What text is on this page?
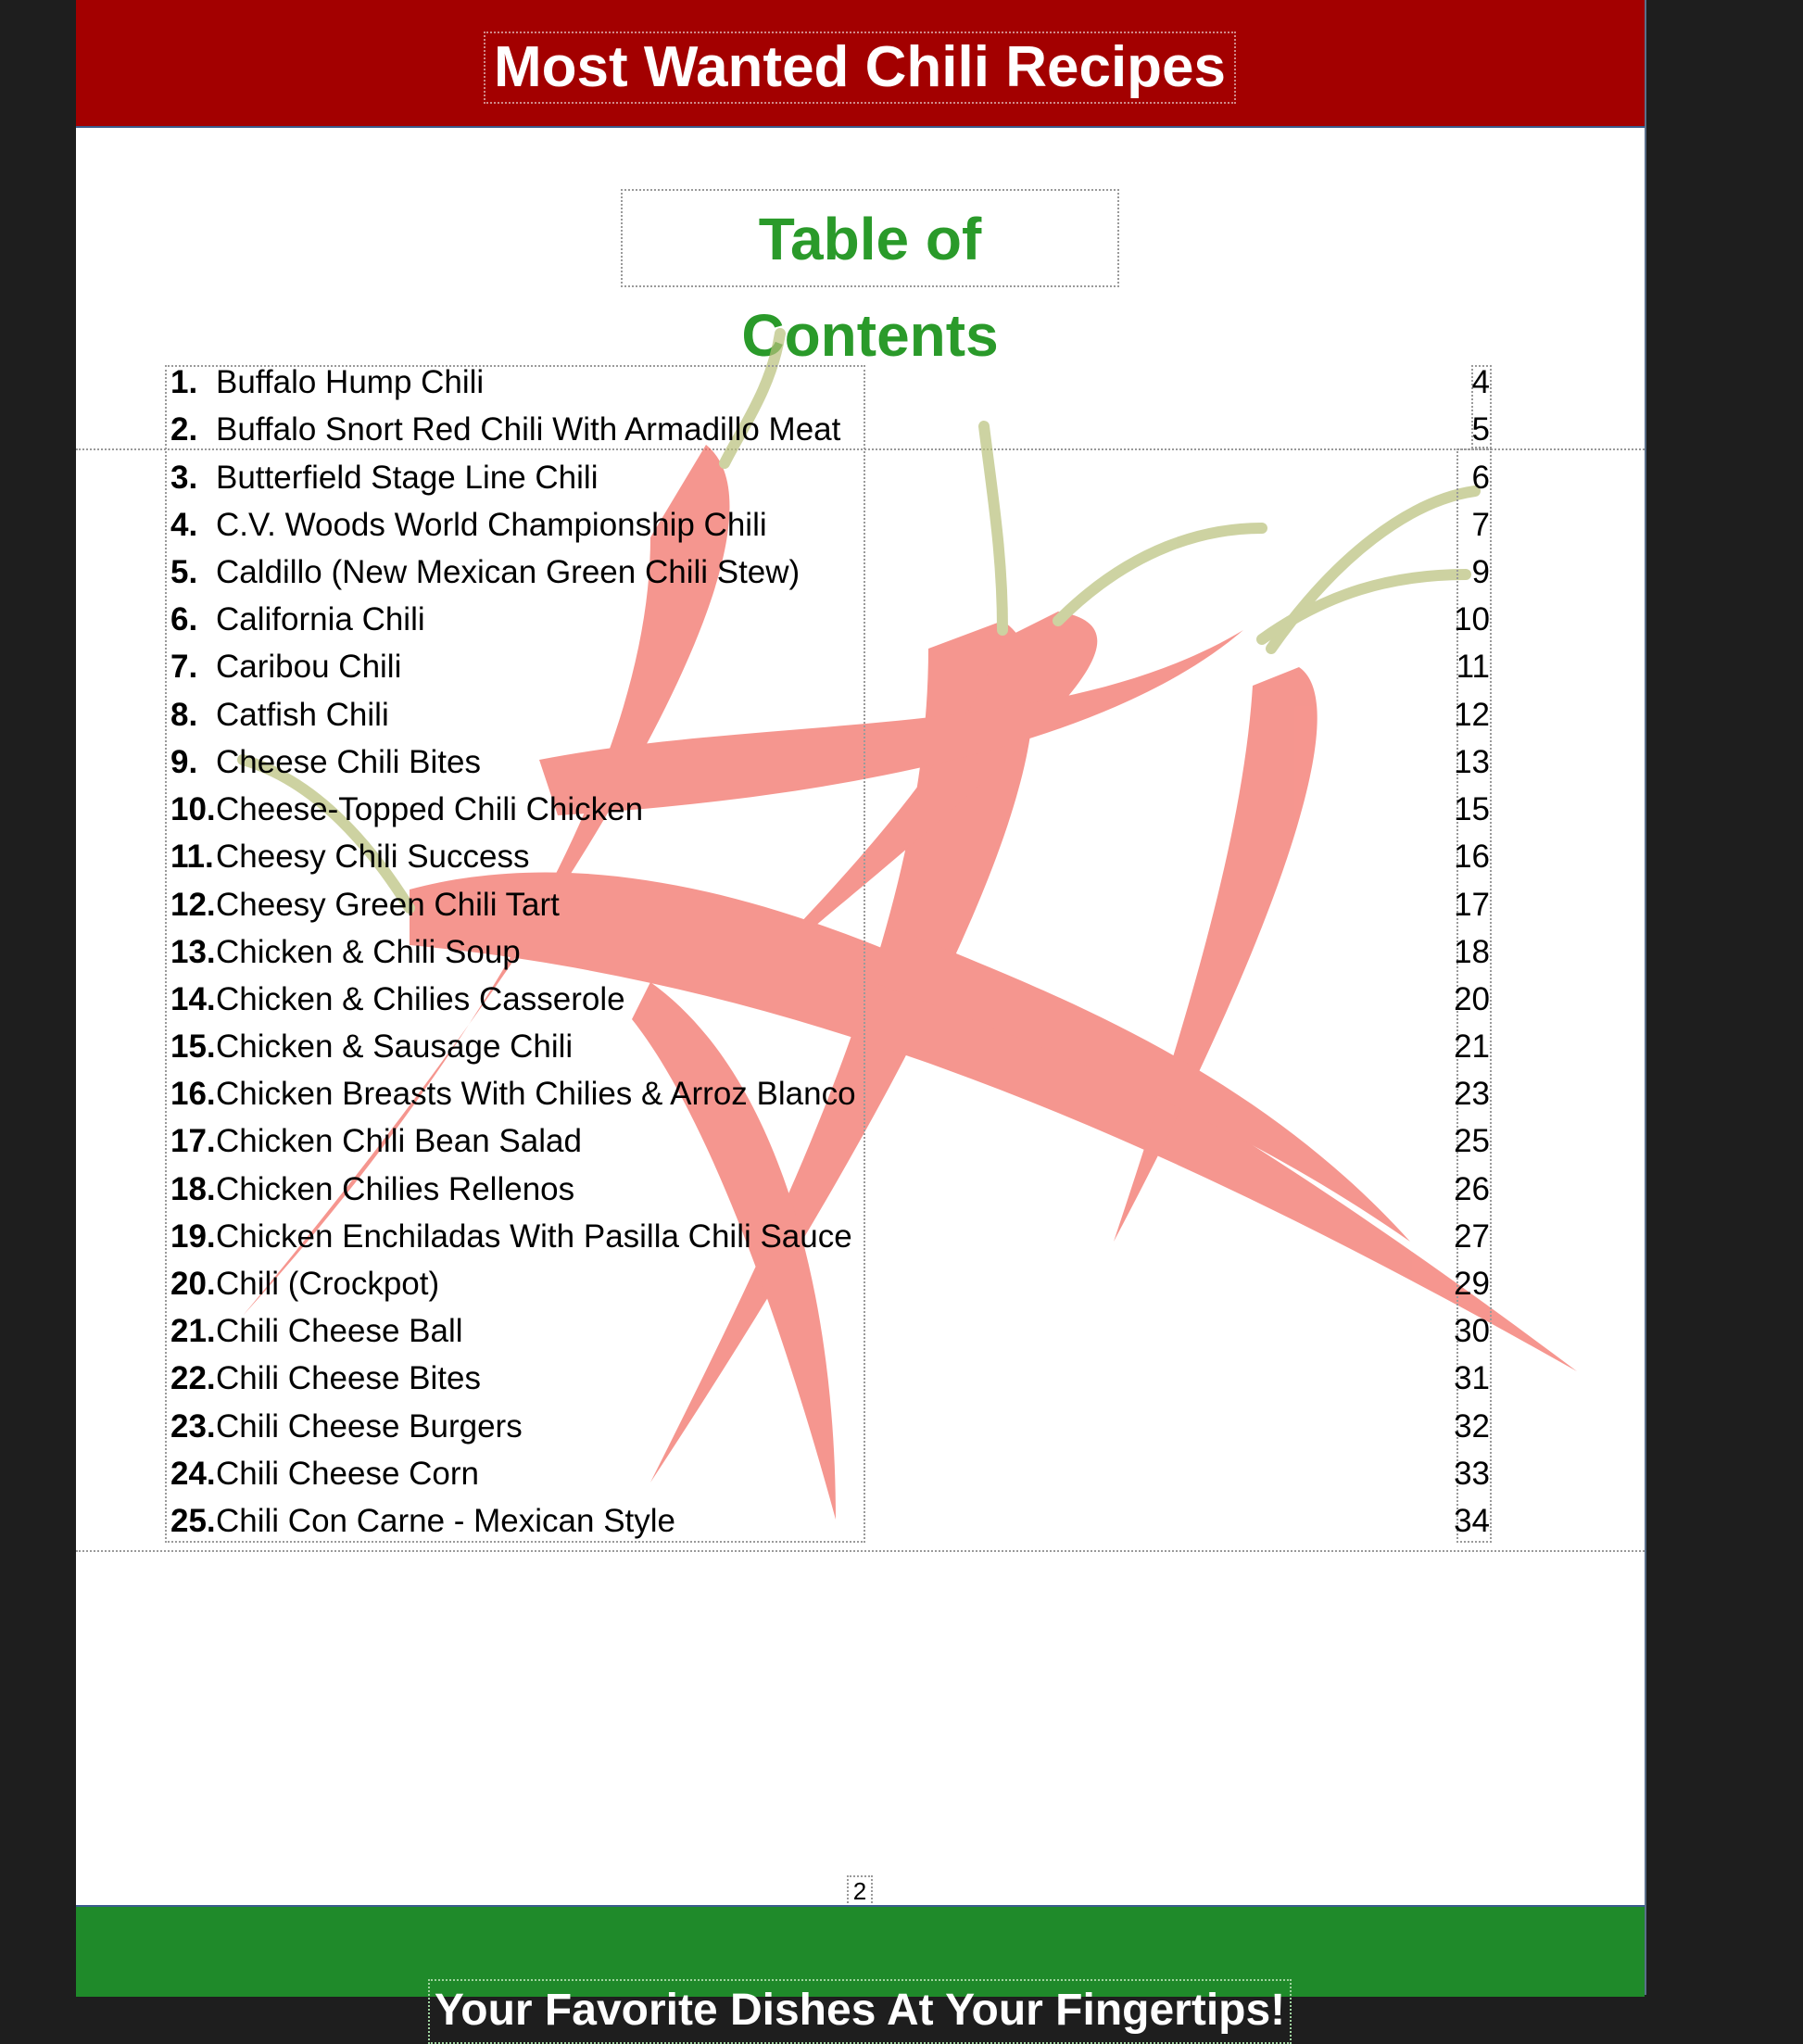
Most Wanted Chili Recipes
Table of Contents
1. Buffalo Hump Chili	4
2. Buffalo Snort Red Chili With Armadillo Meat	5
3. Butterfield Stage Line Chili	6
4. C.V. Woods World Championship Chili	7
5. Caldillo (New Mexican Green Chili Stew)	9
6. California Chili	10
7. Caribou Chili	11
8. Catfish Chili	12
9. Cheese Chili Bites	13
10. Cheese-Topped Chili Chicken	15
11. Cheesy Chili Success	16
12. Cheesy Green Chili Tart	17
13. Chicken & Chili Soup	18
14. Chicken & Chilies Casserole	20
15. Chicken & Sausage Chili	21
16. Chicken Breasts With Chilies & Arroz Blanco	23
17. Chicken Chili Bean Salad	25
18. Chicken Chilies Rellenos	26
19. Chicken Enchiladas With Pasilla Chili Sauce	27
20. Chili (Crockpot)	29
21. Chili Cheese Ball	30
22. Chili Cheese Bites	31
23. Chili Cheese Burgers	32
24. Chili Cheese Corn	33
25. Chili Con Carne - Mexican Style	34
2
Your Favorite Dishes At Your Fingertips!
